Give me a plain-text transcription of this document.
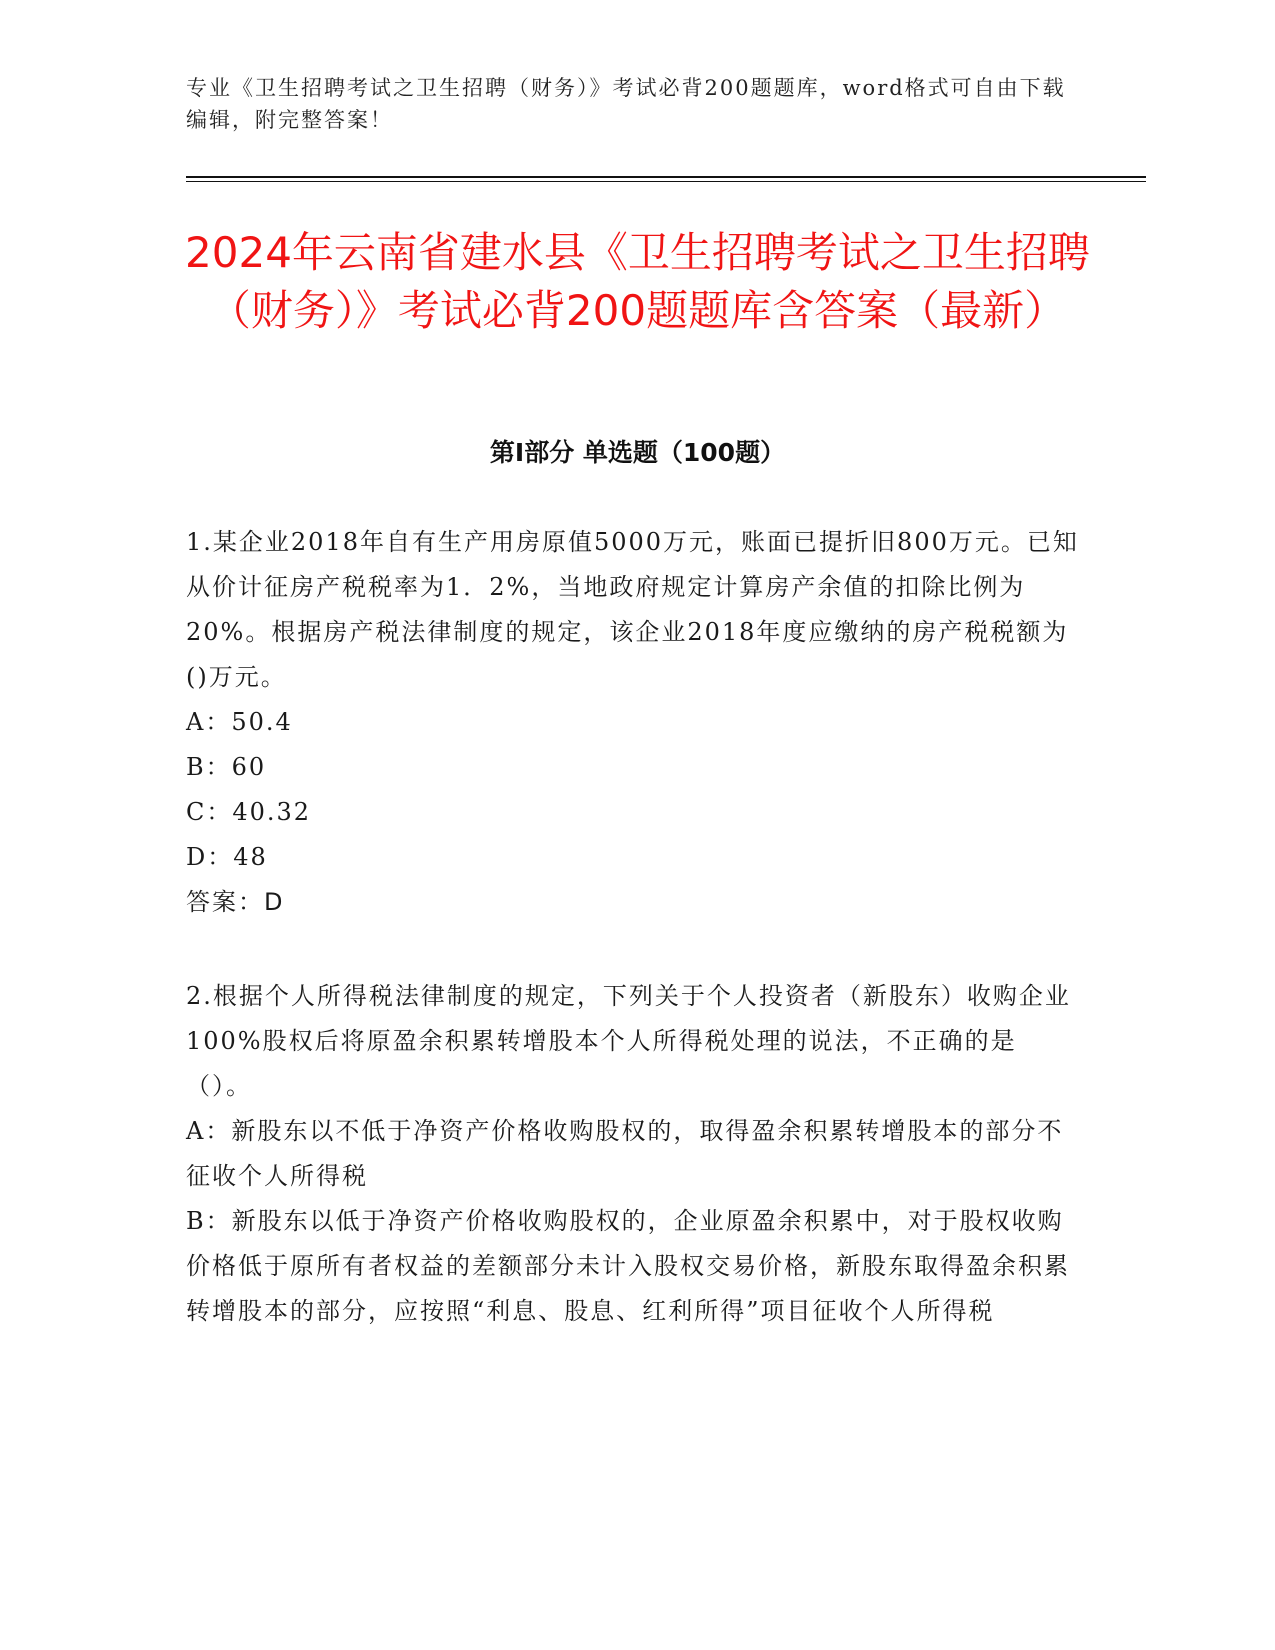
专业《卫生招聘考试之卫生招聘（财务）》考试必背200题题库，word格式可自由下载编辑，附完整答案！
2024年云南省建水县《卫生招聘考试之卫生招聘（财务）》考试必背200题题库含答案（最新）
第Ⅰ部分 单选题（100题）

1.某企业2018年自有生产用房原值5000万元，账面已提折旧800万元。已知从价计征房产税税率为1．2%，当地政府规定计算房产余值的扣除比例为20%。根据房产税法律制度的规定，该企业2018年度应缴纳的房产税税额为()万元。

A：50.4

B：60

C：40.32

D：48

答案：D

2.根据个人所得税法律制度的规定，下列关于个人投资者（新股东）收购企业100%股权后将原盈余积累转增股本个人所得税处理的说法，不正确的是（）。

A：新股东以不低于净资产价格收购股权的，取得盈余积累转增股本的部分不征收个人所得税

B：新股东以低于净资产价格收购股权的，企业原盈余积累中，对于股权收购价格低于原所有者权益的差额部分未计入股权交易价格，新股东取得盈余积累转增股本的部分，应按照“利息、股息、红利所得”项目征收个人所得税
